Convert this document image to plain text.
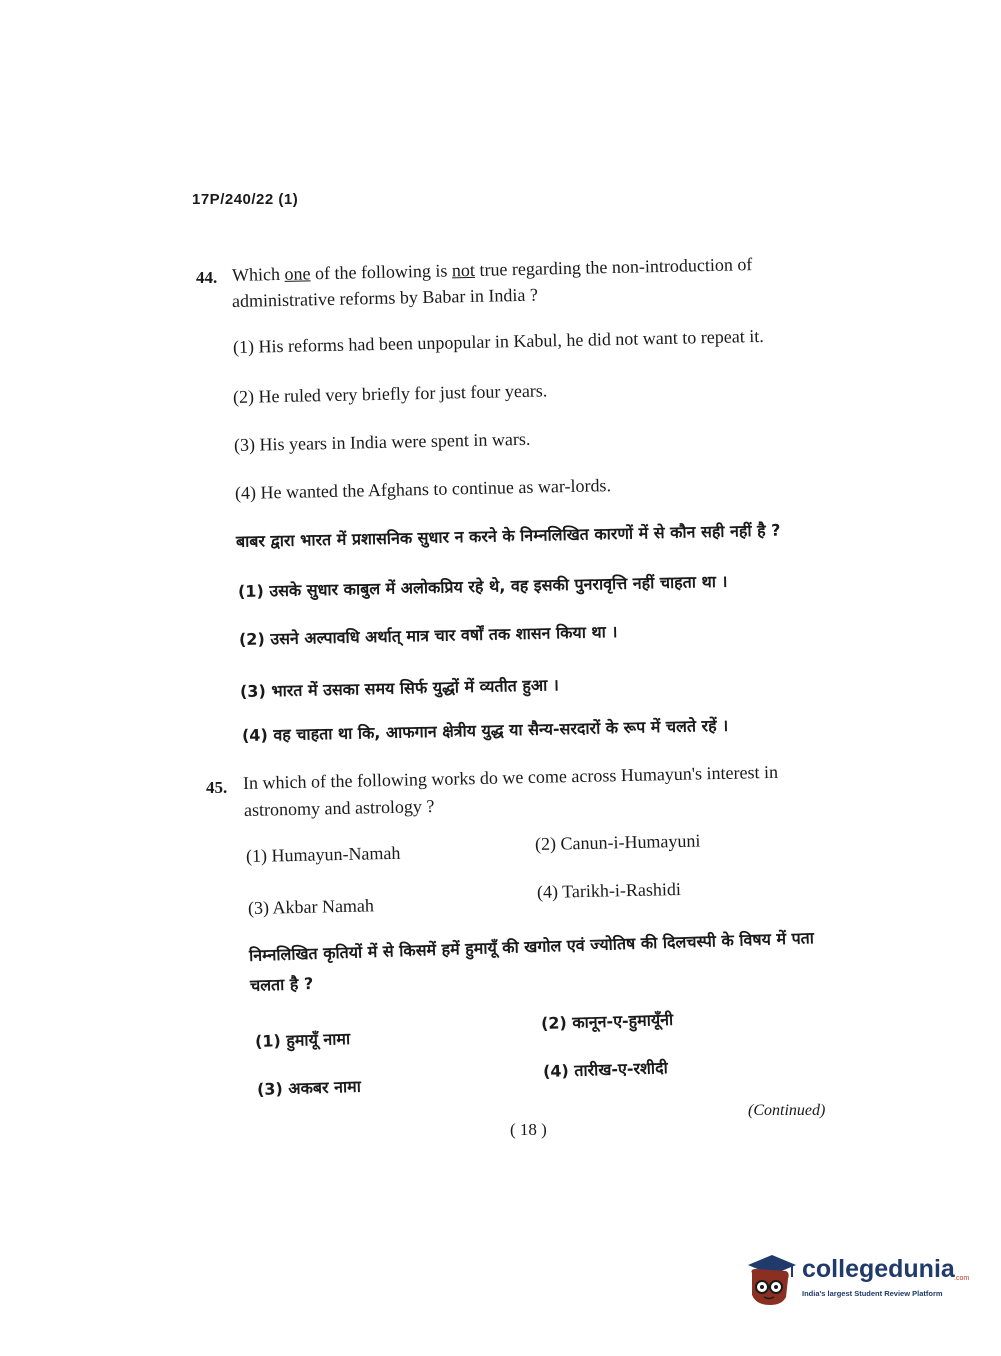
17P/240/22 (1)
44. Which one of the following is not true regarding the non-introduction of
administrative reforms by Babar in India ?
(1) His reforms had been unpopular in Kabul, he did not want to repeat it.
(2) He ruled very briefly for just four years.
(3) His years in India were spent in wars.
(4) He wanted the Afghans to continue as war-lords.
बाबर द्वारा भारत में प्रशासनिक सुधार न करने के निम्नलिखित कारणों में से कौन सही नहीं है ?
(1) उसके सुधार काबुल में अलोकप्रिय रहे थे, वह इसकी पुनरावृत्ति नहीं चाहता था ।
(2) उसने अल्पावधि अर्थात् मात्र चार वर्षों तक शासन किया था ।
(3) भारत में उसका समय सिर्फ युद्धों में व्यतीत हुआ ।
(4) वह चाहता था कि, आफगान क्षेत्रीय युद्ध या सैन्य-सरदारों के रूप में चलते रहें ।
45. In which of the following works do we come across Humayun's interest in
astronomy and astrology ?
(1) Humayun-Namah
(2) Canun-i-Humayuni
(3) Akbar Namah
(4) Tarikh-i-Rashidi
निम्नलिखित कृतियों में से किसमें हमें हुमायूँ की खगोल एवं ज्योतिष की दिलचस्पी के विषय में पता
चलता है ?
(1) हुमायूँ नामा
(2) कानून-ए-हुमायूँनी
(3) अकबर नामा
(4) तारीख-ए-रशीदी
( 18 )
(Continued)
collegedunia .com
India's largest Student Review Platform
